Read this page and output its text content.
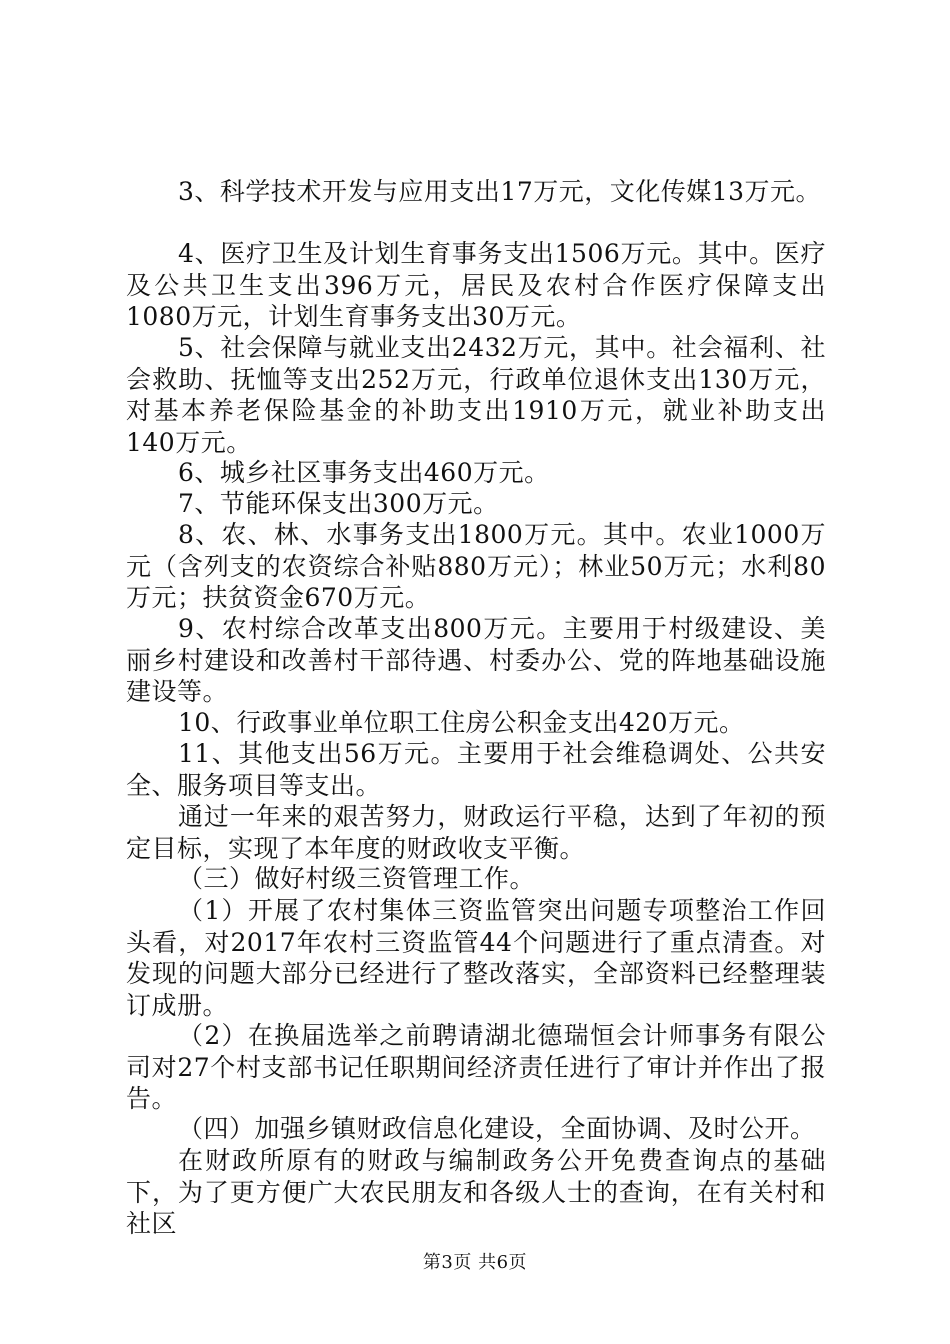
3、科学技术开发与应用支出17万元，文化传媒13万元。
4、医疗卫生及计划生育事务支出1506万元。其中。医疗及公共卫生支出396万元，居民及农村合作医疗保障支出1080万元，计划生育事务支出30万元。
5、社会保障与就业支出2432万元，其中。社会福利、社会救助、抚恤等支出252万元，行政单位退休支出130万元，对基本养老保险基金的补助支出1910万元，就业补助支出140万元。
6、城乡社区事务支出460万元。
7、节能环保支出300万元。
8、农、林、水事务支出1800万元。其中。农业1000万元（含列支的农资综合补贴880万元）；林业50万元；水利80万元；扶贫资金670万元。
9、农村综合改革支出800万元。主要用于村级建设、美丽乡村建设和改善村干部待遇、村委办公、党的阵地基础设施建设等。
10、行政事业单位职工住房公积金支出420万元。
11、其他支出56万元。主要用于社会维稳调处、公共安全、服务项目等支出。
通过一年来的艰苦努力，财政运行平稳，达到了年初的预定目标，实现了本年度的财政收支平衡。
（三）做好村级三资管理工作。
（1）开展了农村集体三资监管突出问题专项整治工作回头看，对2017年农村三资监管44个问题进行了重点清查。对发现的问题大部分已经进行了整改落实，全部资料已经整理装订成册。
（2）在换届选举之前聘请湖北德瑞恒会计师事务有限公司对27个村支部书记任职期间经济责任进行了审计并作出了报告。
（四）加强乡镇财政信息化建设，全面协调、及时公开。
在财政所原有的财政与编制政务公开免费查询点的基础下，为了更方便广大农民朋友和各级人士的查询，在有关村和社区
第3页 共6页
